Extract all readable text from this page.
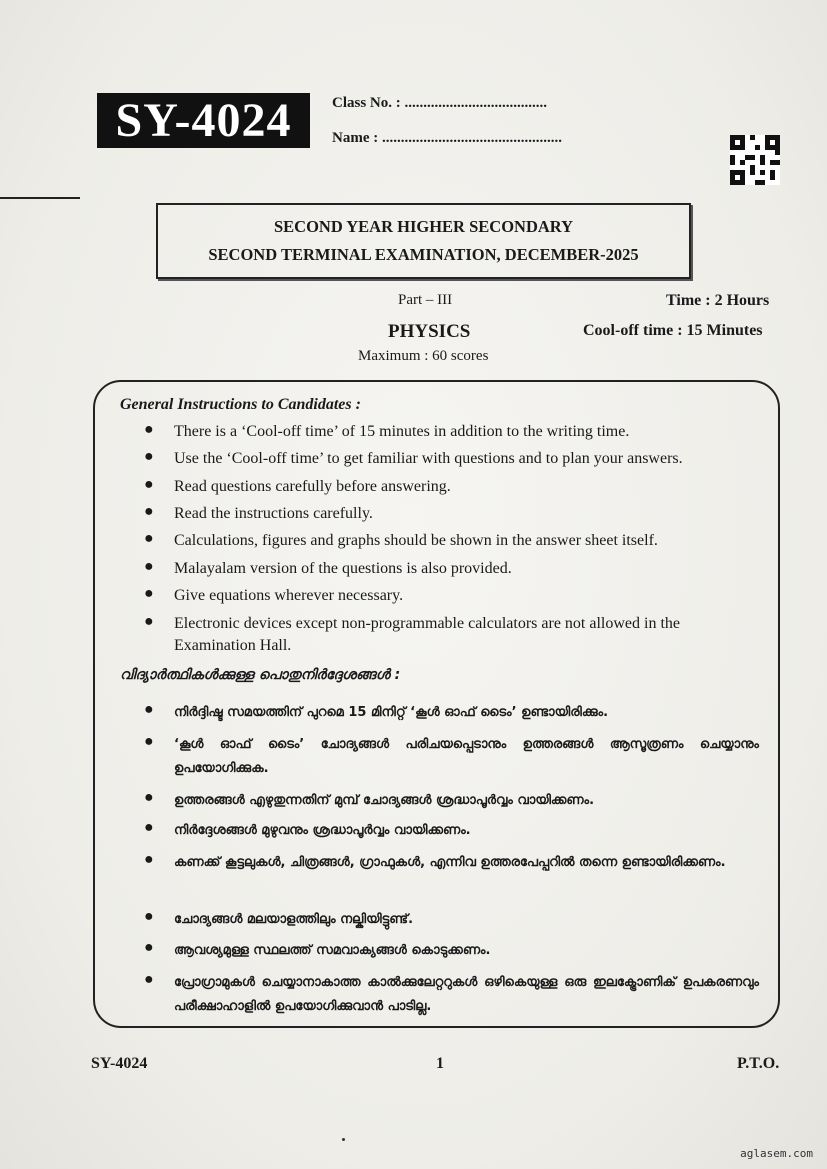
SY-4024	Class No. : ......................................
Name : ................................................
SECOND YEAR HIGHER SECONDARY
SECOND TERMINAL EXAMINATION, DECEMBER-2025
Part – III
PHYSICS
Maximum : 60 scores
Time : 2 Hours
Cool-off time : 15 Minutes
General Instructions to Candidates :
●	There is a ‘Cool-off time’ of 15 minutes in addition to the writing time.
●	Use the ‘Cool-off time’ to get familiar with questions and to plan your answers.
●	Read questions carefully before answering.
●	Read the instructions carefully.
●	Calculations, figures and graphs should be shown in the answer sheet itself.
●	Malayalam version of the questions is also provided.
●	Give equations wherever necessary.
●	Electronic devices except non-programmable calculators are not allowed in the Examination Hall.
വിദ്യാർത്ഥികൾക്കുള്ള പൊതുനിർദ്ദേശങ്ങൾ :
●	നിർദ്ദിഷ്ട സമയത്തിന് പുറമെ 15 മിനിറ്റ് ‘കൂൾ ഓഫ് ടൈം’ ഉണ്ടായിരിക്കും.
●	‘കൂൾ ഓഫ് ടൈം’ ചോദ്യങ്ങൾ പരിചയപ്പെടാനും ഉത്തരങ്ങൾ ആസൂത്രണം ചെയ്യാനും ഉപയോഗിക്കുക.
●	ഉത്തരങ്ങൾ എഴുതുന്നതിന് മുമ്പ് ചോദ്യങ്ങൾ ശ്രദ്ധാപൂർവ്വം വായിക്കണം.
●	നിർദ്ദേശങ്ങൾ മുഴുവനും ശ്രദ്ധാപൂർവ്വം വായിക്കണം.
●	കണക്ക് കൂട്ടലുകൾ, ചിത്രങ്ങൾ, ഗ്രാഫുകൾ, എന്നിവ ഉത്തരപേപ്പറിൽ തന്നെ ഉണ്ടായിരിക്കണം.
●	ചോദ്യങ്ങൾ മലയാളത്തിലും നല്കിയിട്ടുണ്ട്.
●	ആവശ്യമുള്ള സ്ഥലത്ത് സമവാക്യങ്ങൾ കൊടുക്കണം.
●	പ്രോഗ്രാമുകൾ ചെയ്യാനാകാത്ത കാൽക്കുലേറ്ററുകൾ ഒഴികെയുള്ള ഒരു ഇലക്ട്രോണിക് ഉപകരണവും പരീക്ഷാഹാളിൽ ഉപയോഗിക്കുവാൻ പാടില്ല.
SY-4024	1	P.T.O.
aglasem.com
